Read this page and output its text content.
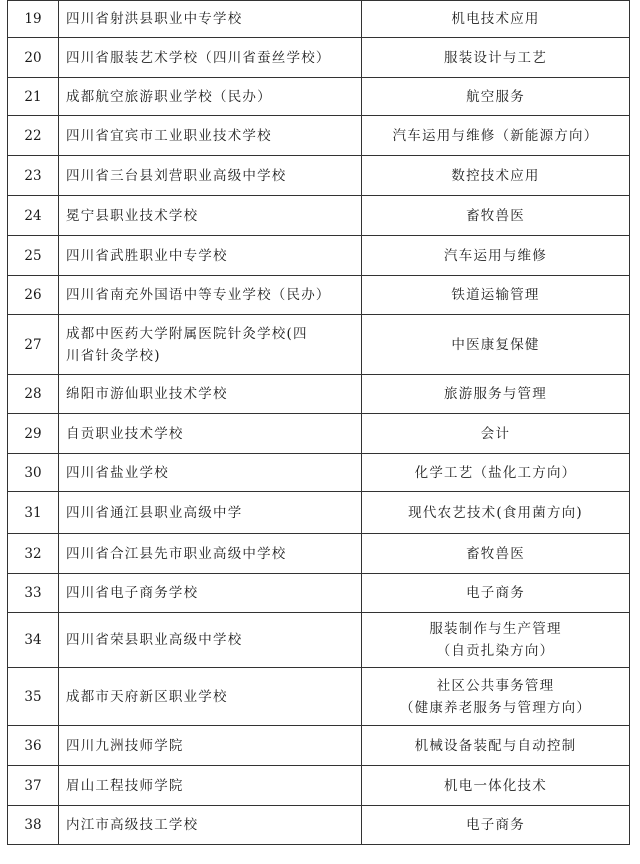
19	四川省射洪县职业中专学校	机电技术应用

20	四川省服装艺术学校（四川省蚕丝学校）	服装设计与工艺

21	成都航空旅游职业学校（民办）	航空服务

22	四川省宜宾市工业职业技术学校	汽车运用与维修（新能源方向）

23	四川省三台县刘营职业高级中学校	数控技术应用

24	冕宁县职业技术学校	畜牧兽医

25	四川省武胜职业中专学校	汽车运用与维修

26	四川省南充外国语中等专业学校（民办）	铁道运输管理

27	成都中医药大学附属医院针灸学校(四
川省针灸学校)	中医康复保健

28	绵阳市游仙职业技术学校	旅游服务与管理

29	自贡职业技术学校	会计

30	四川省盐业学校	化学工艺（盐化工方向）

31	四川省通江县职业高级中学	现代农艺技术(食用菌方向)

32	四川省合江县先市职业高级中学校	畜牧兽医

33	四川省电子商务学校	电子商务

34	四川省荣县职业高级中学校	服装制作与生产管理
（自贡扎染方向）

35	成都市天府新区职业学校	社区公共事务管理
（健康养老服务与管理方向）

36	四川九洲技师学院	机械设备装配与自动控制

37	眉山工程技师学院	机电一体化技术

38	内江市高级技工学校	电子商务
